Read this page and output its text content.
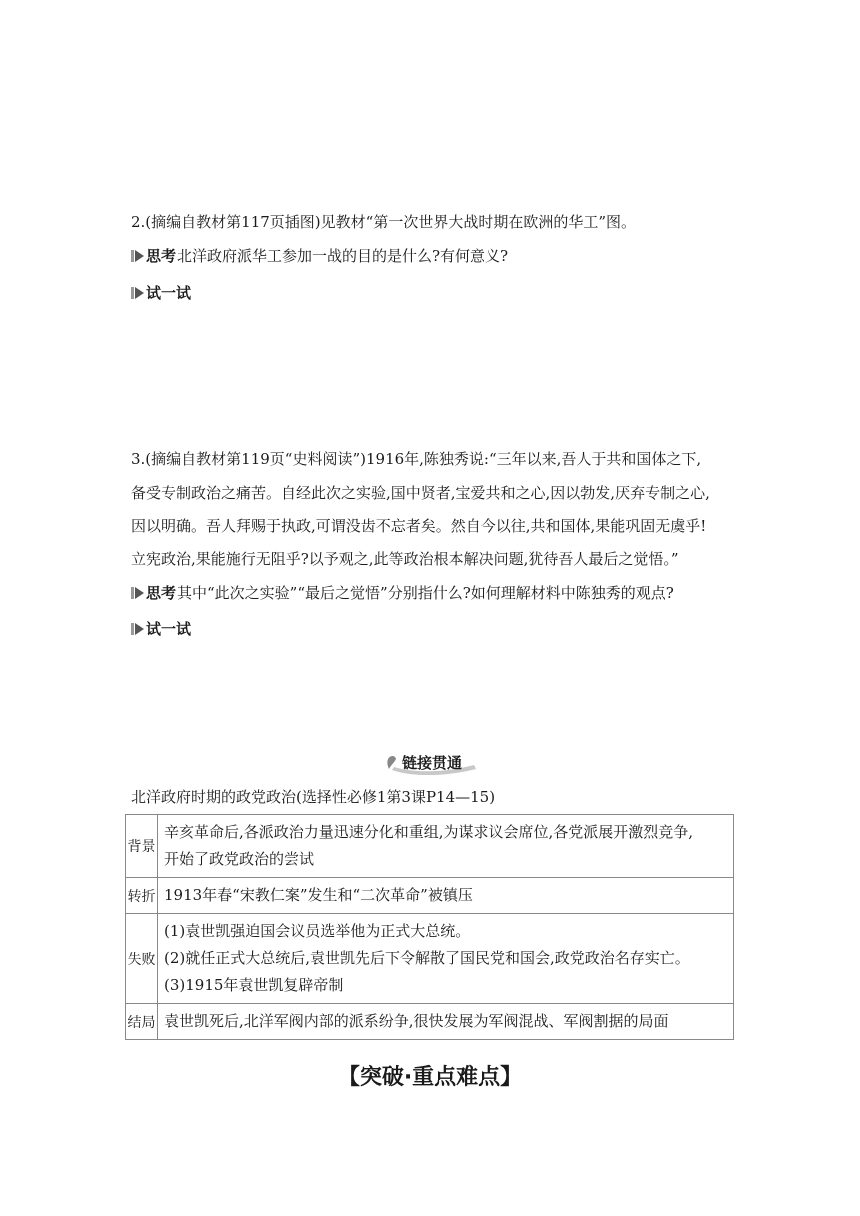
2.(摘编自教材第117页插图)见教材“第一次世界大战时期在欧洲的华工”图。
思考 北洋政府派华工参加一战的目的是什么?有何意义?
试一试
3.(摘编自教材第119页“史料阅读”)1916年,陈独秀说:“三年以来,吾人于共和国体之下,
备受专制政治之痛苦。自经此次之实验,国中贤者,宝爱共和之心,因以勃发,厌弃专制之心,
因以明确。吾人拜赐于执政,可谓没齿不忘者矣。然自今以往,共和国体,果能巩固无虞乎!
立宪政治,果能施行无阻乎?以予观之,此等政治根本解决问题,犹待吾人最后之觉悟。”
思考 其中“此次之实验”“最后之觉悟”分别指什么?如何理解材料中陈独秀的观点?
试一试
链接贯通
北洋政府时期的政党政治(选择性必修1第3课P14—15)
背景	辛亥革命后,各派政治力量迅速分化和重组,为谋求议会席位,各党派展开激烈竞争,
开始了政党政治的尝试

转折	1913年春“宋教仁案”发生和“二次革命”被镇压

失败	(1)袁世凯强迫国会议员选举他为正式大总统。
(2)就任正式大总统后,袁世凯先后下令解散了国民党和国会,政党政治名存实亡。
(3)1915年袁世凯复辟帝制

结局	袁世凯死后,北洋军阀内部的派系纷争,很快发展为军阀混战、军阀割据的局面
【突破·重点难点】
